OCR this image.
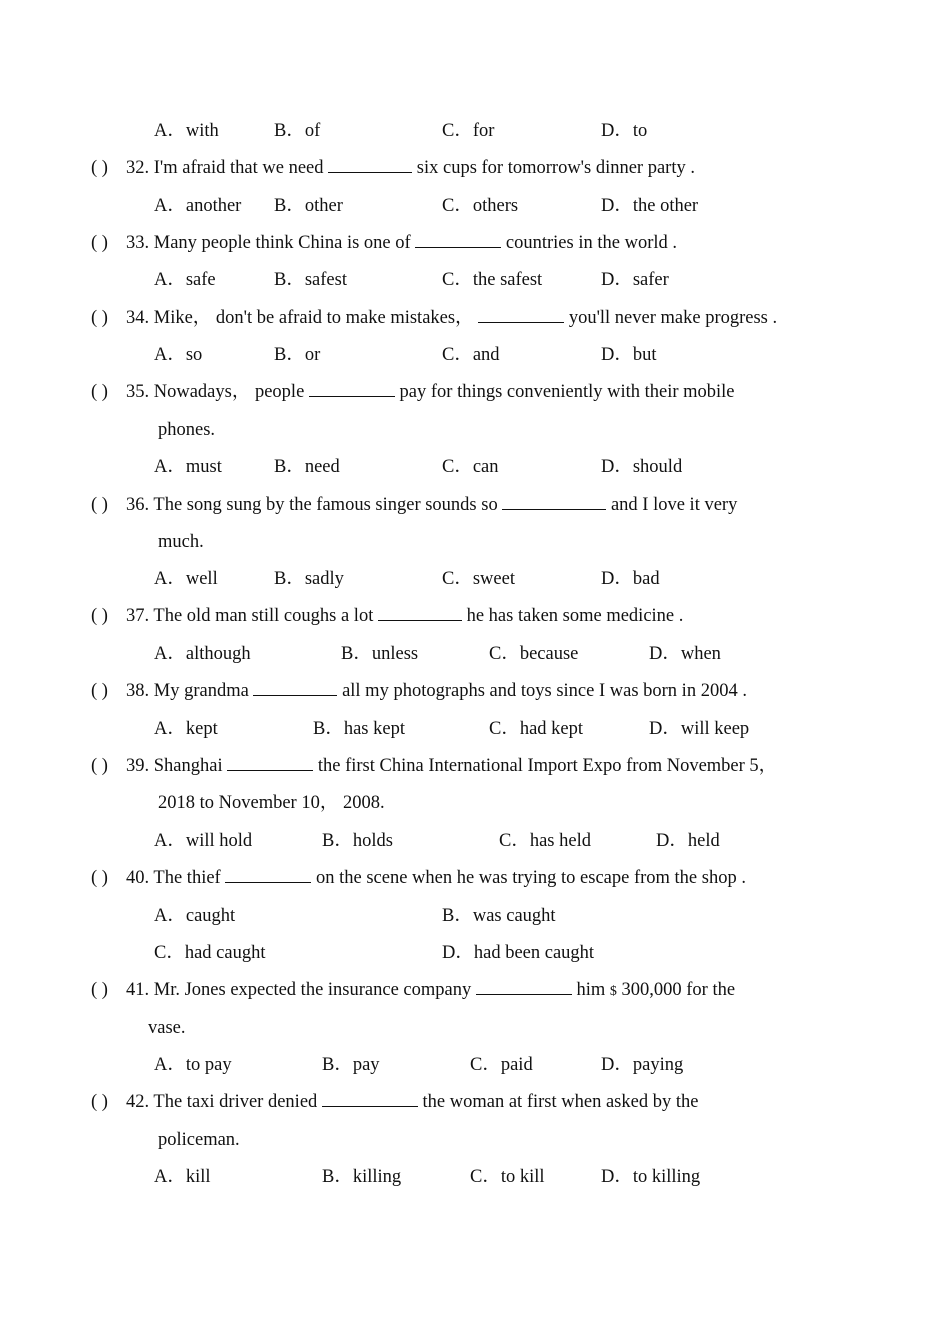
A．with	B．of	C．for	D．to
( ) 32. I'm afraid that we need	six cups for tomorrow's dinner party .
A．another B．other	C．others	D．the other
( ) 33. Many people think China is one of	countries in the world .
A．safe	B．safest	C．the safest	D．safer
( ) 34. Mike， don't be afraid to make mistakes，	you'll never make progress .
A．so	B．or	C．and	D．but
( ) 35. Nowadays， people	pay for things conveniently with their mobile
phones.
A．must	B．need	C．can	D．should
( ) 36. The song sung by the famous singer sounds so	and I love it very
much.
A．well	B．sadly	C．sweet	D．bad
( ) 37. The old man still coughs a lot	he has taken some medicine .
A．although	B．unless	C．because	D．when
( ) 38. My grandma	all my photographs and toys since I was born in 2004 .
A．kept	B．has kept	C．had kept	D．will keep
( ) 39. Shanghai	the first China International Import Expo from November 5，
2018 to November 10， 2008.
A．will hold	B．holds	C．has held	D．held
( ) 40. The thief	on the scene when he was trying to escape from the shop .
A．caught	B．was caught
C．had caught	D．had been caught
( ) 41. Mr. Jones expected the insurance company	him $ 300,000 for the
vase.
A．to pay	B．pay	C．paid	D．paying
( ) 42. The taxi driver denied	the woman at first when asked by the
policeman.
A．kill	B．killing	C．to kill	D．to killing
